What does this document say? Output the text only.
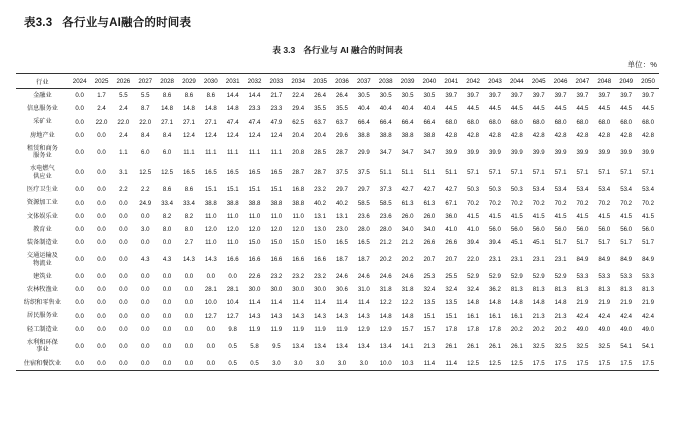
表3.3 各行业与AI融合的时间表
表 3.3 各行业与 AI 融合的时间表
单位：%
行业	2024	2025	2026	2027	2028	2029	2030	2031	2032	2033	2034	2035	2036	2037	2038	2039	2040	2041	2042	2043	2044	2045	2046	2047	2048	2049	2050
金融业	0.0	1.7	5.5	5.5	8.6	8.6	8.6	14.4	14.4	21.7	22.4	26.4	26.4	30.5	30.5	30.5	30.5	39.7	39.7	39.7	39.7	39.7	39.7	39.7	39.7	39.7	39.7
信息服务业	0.0	2.4	2.4	8.7	14.8	14.8	14.8	14.8	23.3	23.3	29.4	35.5	35.5	40.4	40.4	40.4	40.4	44.5	44.5	44.5	44.5	44.5	44.5	44.5	44.5	44.5	44.5
采矿业	0.0	22.0	22.0	22.0	27.1	27.1	27.1	47.4	47.4	47.9	62.5	63.7	63.7	66.4	66.4	66.4	66.4	68.0	68.0	68.0	68.0	68.0	68.0	68.0	68.0	68.0	68.0
房地产业	0.0	0.0	2.4	8.4	8.4	12.4	12.4	12.4	12.4	12.4	20.4	20.4	29.6	38.8	38.8	38.8	38.8	42.8	42.8	42.8	42.8	42.8	42.8	42.8	42.8	42.8	42.8
租赁和商务
服务业	0.0	0.0	1.1	6.0	6.0	11.1	11.1	11.1	11.1	11.1	20.8	28.5	28.7	29.9	34.7	34.7	34.7	39.9	39.9	39.9	39.9	39.9	39.9	39.9	39.9	39.9	39.9
水电燃气
供应业	0.0	0.0	3.1	12.5	12.5	16.5	16.5	16.5	16.5	16.5	28.7	28.7	37.5	37.5	51.1	51.1	51.1	51.1	57.1	57.1	57.1	57.1	57.1	57.1	57.1	57.1	57.1
医疗卫生业	0.0	0.0	2.2	2.2	8.6	8.6	15.1	15.1	15.1	15.1	16.8	23.2	29.7	29.7	37.3	42.7	42.7	42.7	50.3	50.3	50.3	53.4	53.4	53.4	53.4	53.4	53.4
资源加工业	0.0	0.0	0.0	24.9	33.4	33.4	38.8	38.8	38.8	38.8	38.8	40.2	40.2	58.5	58.5	61.3	61.3	67.1	70.2	70.2	70.2	70.2	70.2	70.2	70.2	70.2	70.2
文体娱乐业	0.0	0.0	0.0	0.0	8.2	8.2	11.0	11.0	11.0	11.0	11.0	13.1	13.1	23.6	23.6	26.0	26.0	36.0	41.5	41.5	41.5	41.5	41.5	41.5	41.5	41.5	41.5
教育业	0.0	0.0	0.0	3.0	8.0	8.0	12.0	12.0	12.0	12.0	12.0	13.0	23.0	28.0	28.0	34.0	34.0	41.0	41.0	56.0	56.0	56.0	56.0	56.0	56.0	56.0	56.0
装备制造业	0.0	0.0	0.0	0.0	0.0	2.7	11.0	11.0	15.0	15.0	15.0	15.0	16.5	16.5	21.2	21.2	26.6	26.6	39.4	39.4	45.1	45.1	51.7	51.7	51.7	51.7	51.7
交通运输及
物流业	0.0	0.0	0.0	4.3	4.3	14.3	14.3	16.6	16.6	16.6	16.6	16.6	18.7	18.7	20.2	20.2	20.7	20.7	22.0	23.1	23.1	23.1	23.1	84.9	84.9	84.9	84.9
建筑业	0.0	0.0	0.0	0.0	0.0	0.0	0.0	0.0	22.6	23.2	23.2	23.2	24.6	24.6	24.6	24.6	25.3	25.5	52.9	52.9	52.9	52.9	52.9	53.3	53.3	53.3	53.3
农林牧渔业	0.0	0.0	0.0	0.0	0.0	0.0	28.1	28.1	30.0	30.0	30.0	30.0	30.6	31.0	31.8	31.8	32.4	32.4	32.4	36.2	81.3	81.3	81.3	81.3	81.3	81.3	81.3
纺织和零售业	0.0	0.0	0.0	0.0	0.0	0.0	10.0	10.4	11.4	11.4	11.4	11.4	11.4	11.4	12.2	12.2	13.5	13.5	14.8	14.8	14.8	14.8	14.8	21.9	21.9	21.9	21.9
居民服务业	0.0	0.0	0.0	0.0	0.0	0.0	12.7	12.7	14.3	14.3	14.3	14.3	14.3	14.3	14.8	14.8	15.1	15.1	16.1	16.1	16.1	21.3	21.3	42.4	42.4	42.4	42.4
轻工制造业	0.0	0.0	0.0	0.0	0.0	0.0	0.0	9.8	11.9	11.9	11.9	11.9	11.9	12.9	12.9	15.7	15.7	17.8	17.8	17.8	20.2	20.2	20.2	49.0	49.0	49.0	49.0
水利和环保
事业	0.0	0.0	0.0	0.0	0.0	0.0	0.0	0.5	5.8	9.5	13.4	13.4	13.4	13.4	13.4	14.1	21.3	26.1	26.1	26.1	26.1	32.5	32.5	32.5	32.5	54.1	54.1
住宿和餐饮业	0.0	0.0	0.0	0.0	0.0	0.0	0.0	0.5	0.5	3.0	3.0	3.0	3.0	3.0	10.0	10.3	11.4	11.4	12.5	12.5	12.5	17.5	17.5	17.5	17.5	17.5	17.5
